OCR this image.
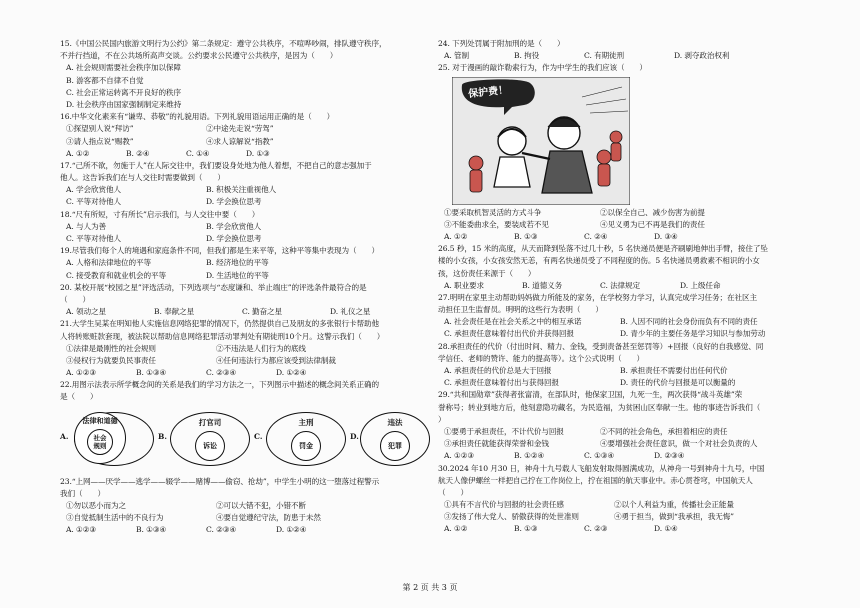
15.《中国公民国内旅游文明行为公约》第二条规定：遵守公共秩序，不喧哗吵闹，排队遵守秩序，
不并行挡道，不在公共场所高声交谈。公约要求公民遵守公共秩序，是因为（　　）
A. 社会规则需要社会秩序加以保障
B. 游客都不自律不自觉
C. 社会正常运转离不开良好的秩序
D. 社会秩序由国家强制制定来维持
16.中华文化素来有“谦卑、恭敬”的礼貌用语。下列礼貌用语运用正确的是（　　）
①探望别人说“拜访”	②中途先走说“劳驾”
③请人指点说“赐教”	④求人谅解说“指教”
A. ①②	B. ②④	C. ①④	D. ①③
17.“己所不欲，勿施于人”在人际交往中，我们要设身处地为他人着想，不把自己的意志强加于
他人。这告诉我们在与人交往时需要做到（　　）
A. 学会欣赏他人	B. 积极关注重视他人
C. 平等对待他人	D. 学会换位思考
18.“尺有所短，寸有所长”启示我们，与人交往中要（　　）
A. 与人为善	B. 学会欣赏他人
C. 平等对待他人	D. 学会换位思考
19.尽管我们每个人的境遇和家庭条件不同，但我们都是生来平等，这种平等集中表现为（　　）
A. 人格和法律地位的平等	B. 经济地位的平等
C. 接受教育和就业机会的平等	D. 生活地位的平等
20. 某校开展“校园之星”评选活动，下列选项与“态度谦和、举止端庄”的评选条件最符合的是
（　　）
A. 领动之星	B. 奉献之星	C. 勤奋之星	D. 礼仪之星
21.大学生吴某在明知他人实施信息网络犯罪的情况下，仍然提供自己及朋友的多张银行卡帮助他
人将转账赃款套现，被法院以帮助信息网络犯罪活动罪判处有期徒刑10个月。这警示我们（　　）
①法律是最刚性的社会规则	②不违法是人们行为的底线
③侵权行为就要负民事责任	④任何违法行为都应该受到法律制裁
A. ①②③	B. ①③④	C. ②③④	D. ①②④
22.用图示法表示所学概念间的关系是我们的学习方法之一，下列图示中描述的概念间关系正确的
是（　　）
A.
法律和道德
社会规则
B.
打官司
诉讼
C.
主刑
罚金
D.
违法
犯罪
23.“上网——厌学——逃学——辍学——赌博——偷窃、抢劫”，中学生小明的这一堕落过程警示
我们（　　）
①勿以恶小而为之	②可以大错不犯，小错不断
③自觉抵制生活中的不良行为	④要自觉遵纪守法，防患于未然
A. ①②③	B. ①③④	C. ②③④	D. ①②④
24. 下列处罚属于附加刑的是（　　）
A. 管制	B. 拘役	C. 有期徒刑	D. 剥夺政治权利
25. 对于漫画的敲诈勒索行为，作为中学生的我们应该（　　）
保护费！
①要采取机智灵活的方式斗争	②以保全自己、减少伤害为前提
③不能委曲求全，要装成若不见	④见义勇为已不再是我们的责任
A. ①②	B. ①③	C. ②④	D. ③④
26.5 秒，15 米的高度，从天而降到坠落不过几十秒，5 名快递员便是齐刷刷地伸出手臂，接住了坠
楼的小女孩，小女孩安然无恙，有两名快递员受了不同程度的伤。5 名快递员勇救素不相识的小女
孩，这份责任来源于（　　）
A. 职业要求	B. 道德义务	C. 法律规定	D. 上级任命
27.明明在家里主动帮助妈妈做力所能及的家务，在学校努力学习，认真完成学习任务；在社区主
动担任卫生监督员。明明的这些行为表明（　　）
A. 社会责任是在社会关系之中的相互承诺	B. 人因不同的社会身份而负有不同的责任
C. 承担责任意味着付出代价并获得回报	D. 青少年的主要任务是学习知识与参加劳动
28.承担责任的代价（付出时间、精力、金钱，受到责备甚至惩罚等）+回报（良好的自我感觉、同
学信任、老师的赞许、能力的提高等）。这个公式说明（　　）
A. 承担责任的代价总是大于回报	B. 承担责任不需要付出任何代价
C. 承担责任意味着付出与获得回报	D. 责任的代价与回报是可以衡量的
29.“共和国勋章”获得者张富清，在部队时，他保家卫国，九死一生，两次获得“战斗英雄”荣
誉称号；转业到地方后，他刻意隐功藏名，为民造福，为贫困山区奉献一生。他的事迹告诉我们（
）
①要勇于承担责任，不计代价与回报	②不同的社会角色，承担着相应的责任
③承担责任就能获得荣誉和金钱	④要增强社会责任意识，做一个对社会负责的人
A. ①②③	B. ①②④	C. ①③④	D. ②③④
30.2024 年10 月30 日，神舟十九号载人飞船发射取得圆满成功，从神舟一号到神舟十九号，中国
航天人像伊螺丝一样把自己拧在工作岗位上，拧在祖国的航天事业中。赤心贯苍穹，中国航天人
（　　）
①具有不言代价与回报的社会责任感	②以个人利益为重，传播社会正能量
③发扬了伟大党人、骄傲获得的处世准则	④勇于担当，做到“我承担，我无悔”
A. ①②	B. ①③	C. ②③	D. ①④
第 2 页 共 3 页
